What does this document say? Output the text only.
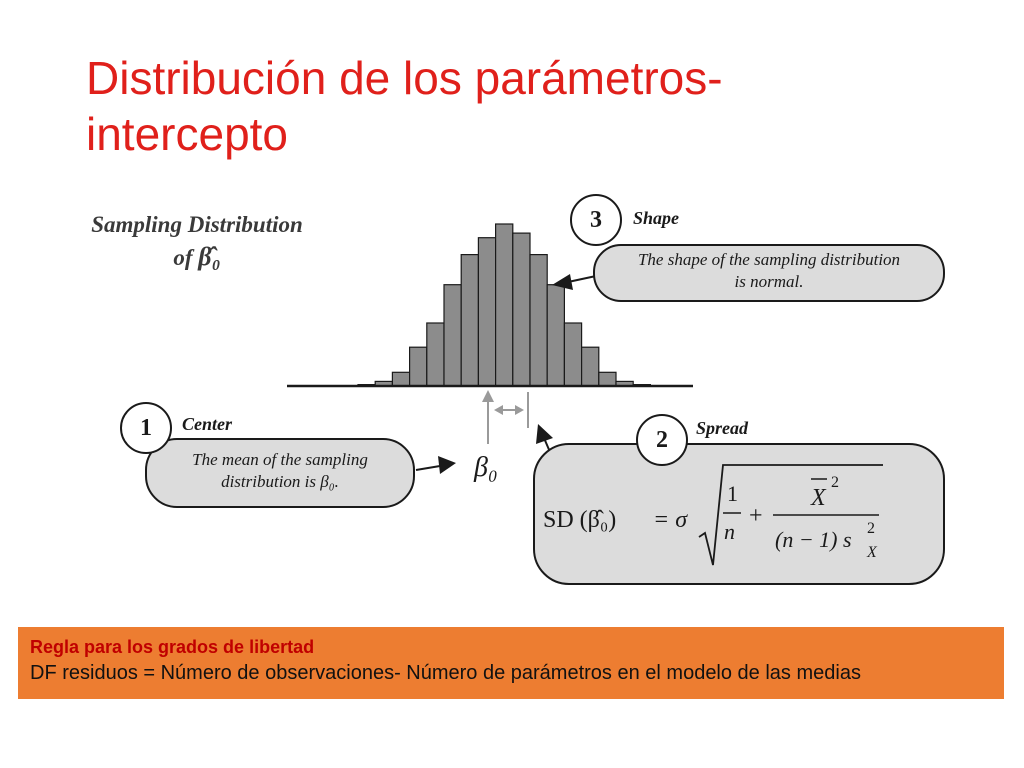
Distribución de los parámetros-
intercepto
Sampling Distribution
of β̂₀
β₀
The shape of the sampling distribution
is normal.
3	Shape
The mean of the sampling
distribution is β₀.
1	Center
SD (β̂₀) = σ
1
n
+
X
2
(n − 1) s
X
2
2	Spread
Regla para los grados de libertad
DF residuos = Número de observaciones- Número de parámetros en el modelo de las medias
